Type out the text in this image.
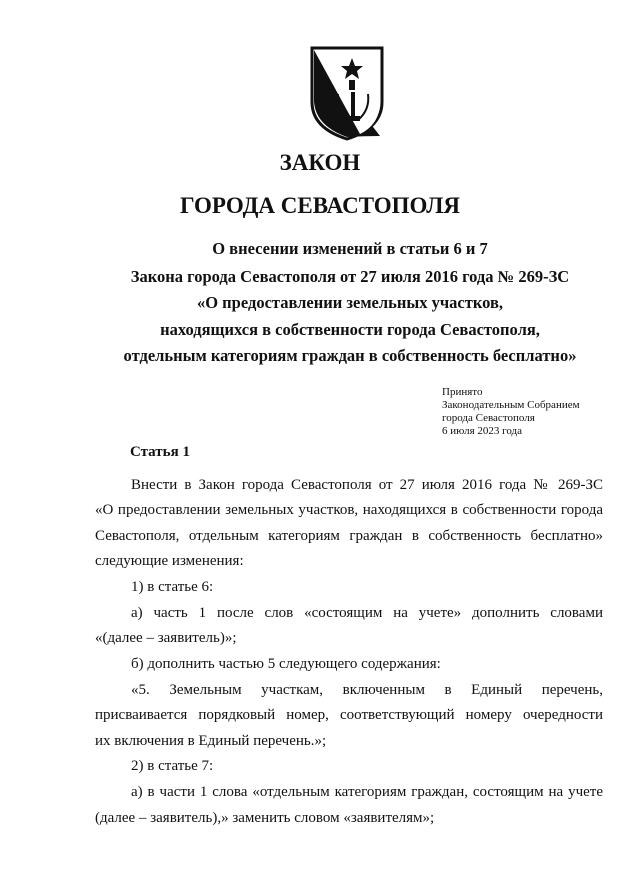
ЗАКОН
ГОРОДА СЕВАСТОПОЛЯ
О внесении изменений в статьи 6 и 7
Закона города Севастополя от 27 июля 2016 года № 269-ЗС
«О предоставлении земельных участков,
находящихся в собственности города Севастополя,
отдельным категориям граждан в собственность бесплатно»
Принято
Законодательным Собранием
города Севастополя
6 июля 2023 года
Статья 1
Внести в Закон города Севастополя от 27 июля 2016 года № 269-ЗС
«О предоставлении земельных участков, находящихся в собственности города
Севастополя, отдельным категориям граждан в собственность бесплатно»
следующие изменения:
1) в статье 6:
а) часть 1 после слов «состоящим на учете» дополнить словами
«(далее – заявитель)»;
б) дополнить частью 5 следующего содержания:
«5. Земельным участкам, включенным в Единый перечень,
присваивается порядковый номер, соответствующий номеру очередности
их включения в Единый перечень.»;
2) в статье 7:
а) в части 1 слова «отдельным категориям граждан, состоящим на учете
(далее – заявитель),» заменить словом «заявителям»;
